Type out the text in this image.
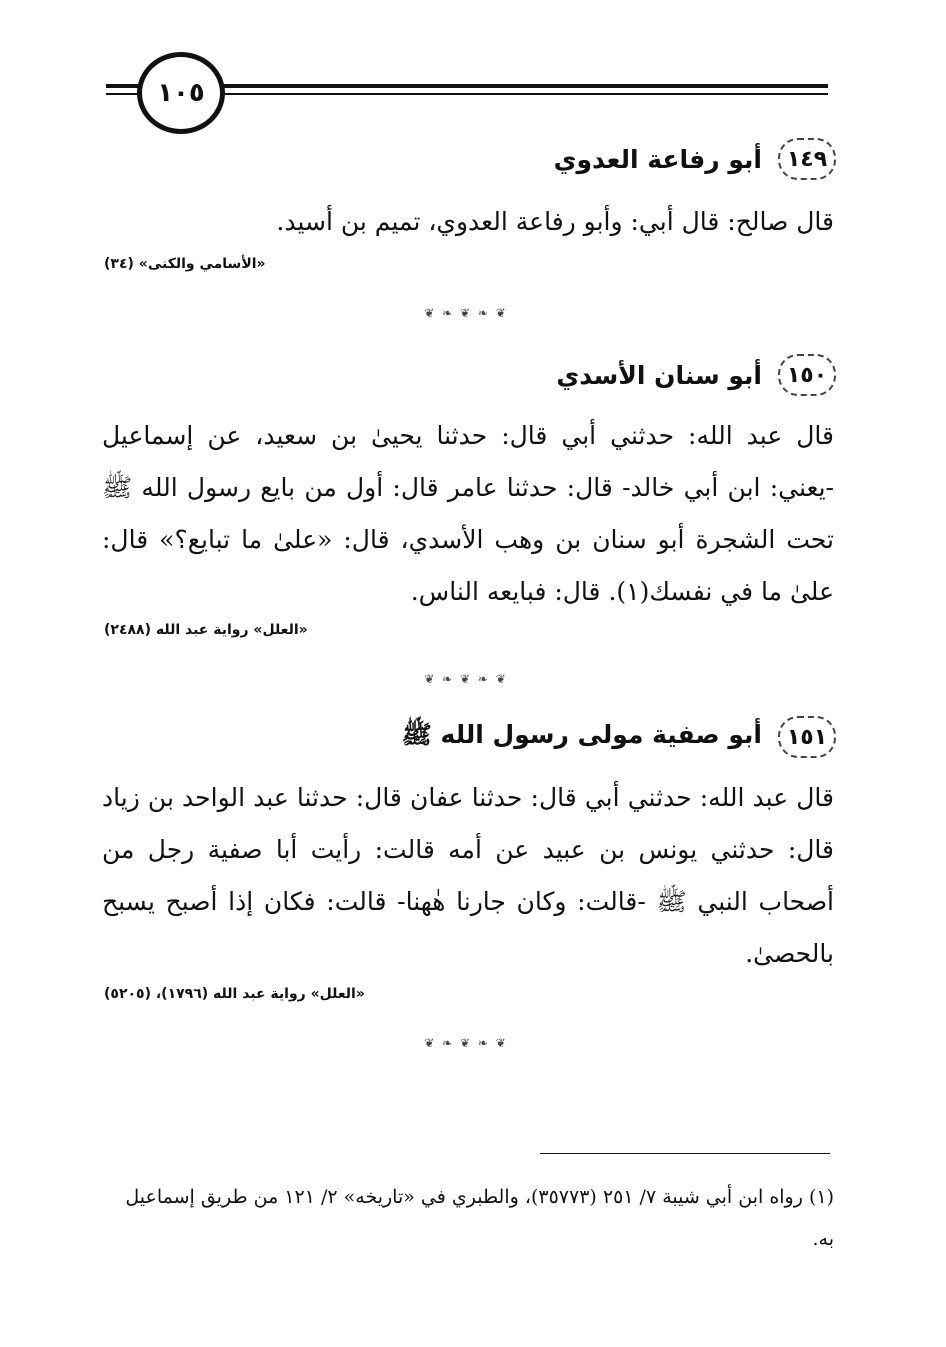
١٠٥
١٤٩
أبو رفاعة العدوي
قال صالح: قال أبي: وأبو رفاعة العدوي، تميم بن أسيد.
«الأسامي والكنى» (٣٤)
❦ ❧ ❦ ❧ ❦
١٥٠
أبو سنان الأسدي
قال عبد الله: حدثني أبي قال: حدثنا يحيىٰ بن سعيد، عن إسماعيل -يعني: ابن أبي خالد- قال: حدثنا عامر قال: أول من بايع رسول الله ﷺ تحت الشجرة أبو سنان بن وهب الأسدي، قال: «علىٰ ما تبايع؟» قال: علىٰ ما في نفسك(١). قال: فبايعه الناس.
«العلل» رواية عبد الله (٢٤٨٨)
❦ ❧ ❦ ❧ ❦
١٥١
أبو صفية مولى رسول الله ﷺ
قال عبد الله: حدثني أبي قال: حدثنا عفان قال: حدثنا عبد الواحد بن زياد قال: حدثني يونس بن عبيد عن أمه قالت: رأيت أبا صفية رجل من أصحاب النبي ﷺ -قالت: وكان جارنا هٰهنا- قالت: فكان إذا أصبح يسبح بالحصىٰ.
«العلل» رواية عبد الله (١٧٩٦)، (٥٢٠٥)
❦ ❧ ❦ ❧ ❦
(١) رواه ابن أبي شيبة ٧/ ٢٥١ (٣٥٧٧٣)، والطبري في «تاريخه» ٢/ ١٢١ من طريق إسماعيل به.
